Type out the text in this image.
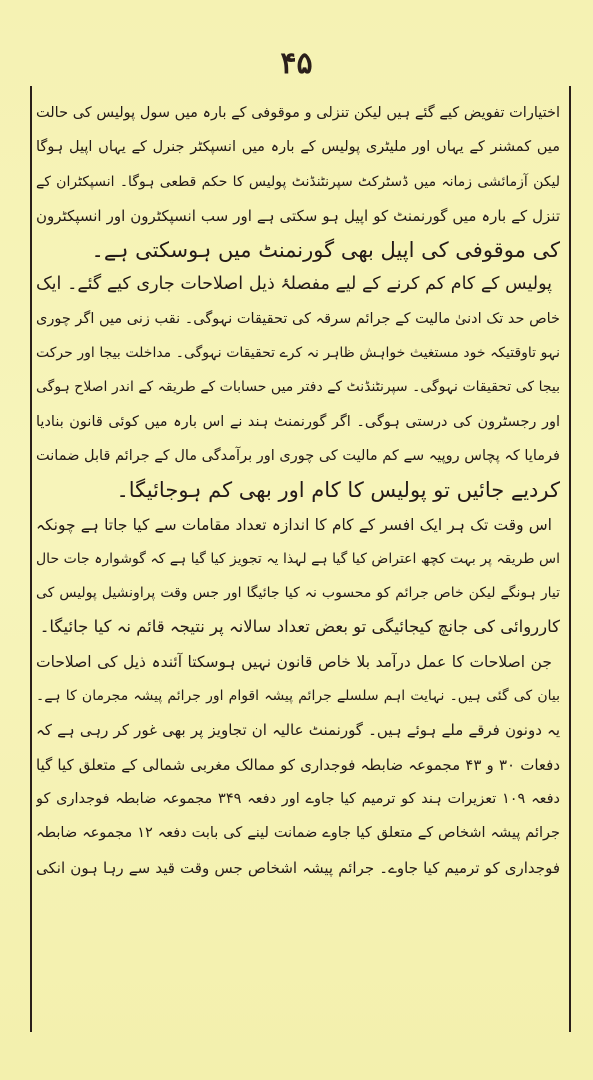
۴۵
اختیارات تفویض کیے گئے ہیں لیکن تنزلی و موقوفی کے بارہ میں سول پولیس کی حالت
میں کمشنر کے یہاں اور ملیٹری پولیس کے بارہ میں انسپکٹر جنرل کے یہاں اپیل ہوگا
لیکن آزمائشی زمانہ میں ڈسٹرکٹ سپرنٹنڈنٹ پولیس کا حکم قطعی ہوگا۔ انسپکٹران کے
تنزل کے بارہ میں گورنمنٹ کو اپیل ہو سکتی ہے اور سب انسپکٹرون اور انسپکٹرون
کی موقوفی کی اپیل بھی گورنمنٹ میں ہوسکتی ہے۔
پولیس کے کام کم کرنے کے لیے مفصلۂ ذیل اصلاحات جاری کیے گئے۔ ایک
خاص حد تک ادنیٰ مالیت کے جرائم سرقہ کی تحقیقات نہوگی۔ نقب زنی میں اگر چوری
نہو تاوقتیکہ خود مستغیث خواہش ظاہر نہ کرے تحقیقات نہوگی۔ مداخلت بیجا اور حرکت
بیجا کی تحقیقات نہوگی۔ سپرنٹنڈنٹ کے دفتر میں حسابات کے طریقہ کے اندر اصلاح ہوگی
اور رجسٹرون کی درستی ہوگی۔ اگر گورنمنٹ ہند نے اس بارہ میں کوئی قانون بنادیا
فرمایا کہ پچاس روپیہ سے کم مالیت کی چوری اور برآمدگی مال کے جرائم قابل ضمانت
کردیے جائیں تو پولیس کا کام اور بھی کم ہوجائیگا۔
اس وقت تک ہر ایک افسر کے کام کا اندازہ تعداد مقامات سے کیا جاتا ہے چونکہ
اس طریقہ پر بہت کچھ اعتراض کیا گیا ہے لہذا یہ تجویز کیا گیا ہے کہ گوشوارہ جات حال
تیار ہونگے لیکن خاص جرائم کو محسوب نہ کیا جائیگا اور جس وقت پراونشیل پولیس کی
کارروائی کی جانچ کیجائیگی تو بعض تعداد سالانہ پر نتیجہ قائم نہ کیا جائیگا۔
جن اصلاحات کا عمل درآمد بلا خاص قانون نہیں ہوسکتا آئندہ ذیل کی اصلاحات
بیان کی گئی ہیں۔ نہایت اہم سلسلے جرائم پیشہ اقوام اور جرائم پیشہ مجرمان کا ہے۔
یہ دونون فرقے ملے ہوئے ہیں۔ گورنمنٹ عالیہ ان تجاویز پر بھی غور کر رہی ہے کہ
دفعات ۳۰ و ۴۳ مجموعہ ضابطہ فوجداری کو ممالک مغربی شمالی کے متعلق کیا گیا
دفعہ ۱۰۹ تعزیرات ہند کو ترمیم کیا جاوے اور دفعہ ۳۴۹ مجموعہ ضابطہ فوجداری کو
جرائم پیشہ اشخاص کے متعلق کیا جاوے ضمانت لینے کی بابت دفعہ ۱۲ مجموعہ ضابطہ
فوجداری کو ترمیم کیا جاوے۔ جرائم پیشہ اشخاص جس وقت قید سے رہا ہون انکی
